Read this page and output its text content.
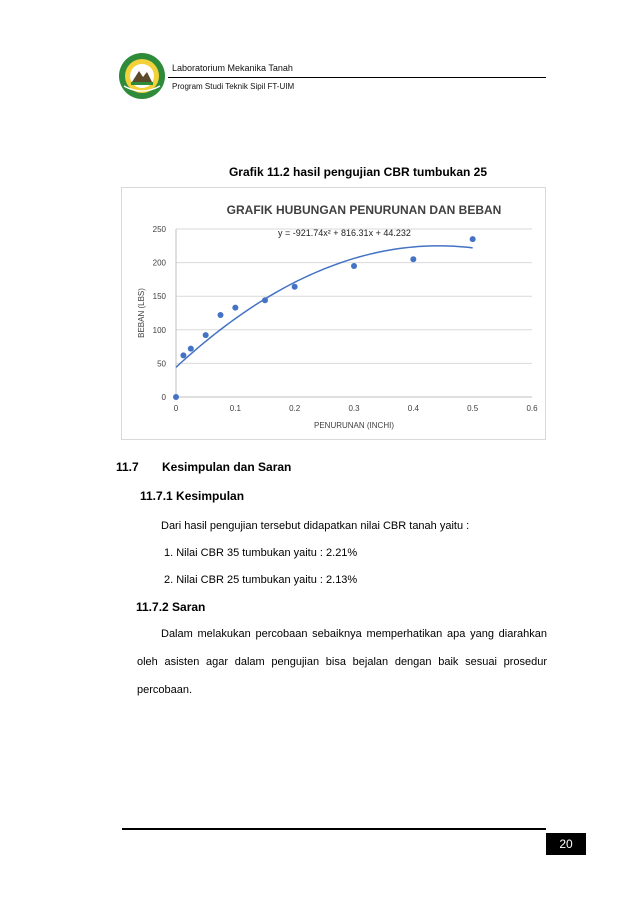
Laboratorium Mekanika Tanah
Program Studi Teknik Sipil FT-UIM
Grafik 11.2 hasil pengujian CBR tumbukan 25
0
50
100
150
200
250
0	0.1	0.2	0.3	0.4	0.5	0.6
GRAFIK HUBUNGAN PENURUNAN DAN BEBAN
PENURUNAN (INCHI)
BEBAN (LBS)
y = -921.74x² + 816.31x + 44.232
11.7 Kesimpulan dan Saran
11.7.1 Kesimpulan
Dari hasil pengujian tersebut didapatkan nilai CBR tanah yaitu :
1. Nilai CBR 35 tumbukan yaitu : 2.21%
2. Nilai CBR 25 tumbukan yaitu : 2.13%
11.7.2 Saran
Dalam melakukan percobaan sebaiknya memperhatikan apa yang diarahkan oleh asisten agar dalam pengujian bisa bejalan dengan baik sesuai prosedur percobaan.
20
